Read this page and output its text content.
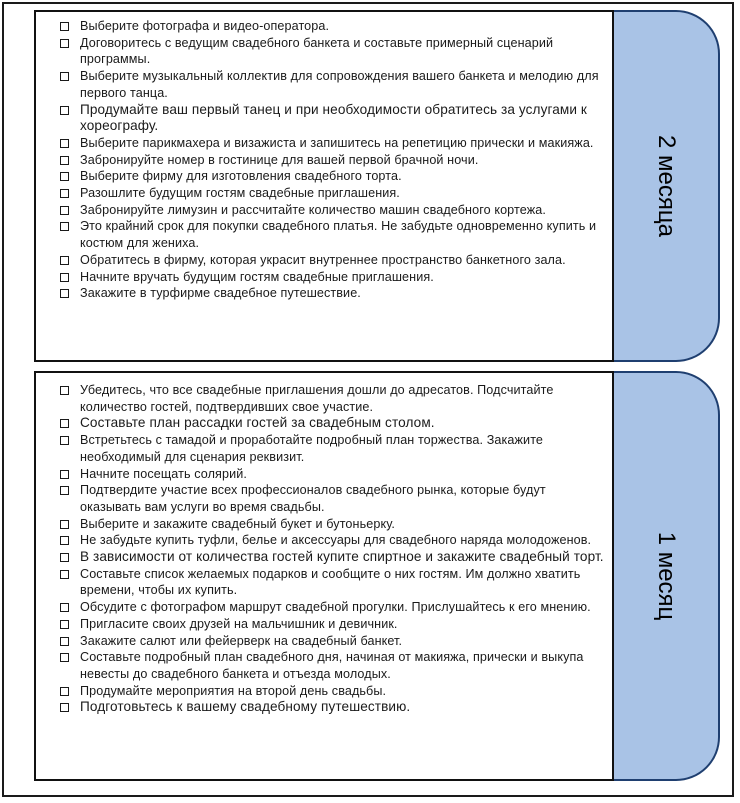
2 месяца
Выберите фотографа и видео-оператора.
Договоритесь с ведущим свадебного банкета и составьте примерный сценарий программы.
Выберите музыкальный коллектив для сопровождения вашего банкета и мелодию для первого танца.
Продумайте ваш первый танец и при необходимости обратитесь за услугами к хореографу.
Выберите парикмахера и визажиста и запишитесь на репетицию прически и макияжа.
Забронируйте номер в гостинице для вашей первой брачной ночи.
Выберите фирму для изготовления свадебного торта.
Разошлите будущим гостям свадебные приглашения.
Забронируйте лимузин и рассчитайте количество машин свадебного кортежа.
Это крайний срок для покупки свадебного платья. Не забудьте одновременно купить и костюм для жениха.
Обратитесь в фирму, которая украсит внутреннее пространство банкетного зала.
Начните вручать будущим гостям свадебные приглашения.
Закажите в турфирме свадебное путешествие.
1 месяц
Убедитесь, что все свадебные приглашения дошли до адресатов. Подсчитайте количество гостей, подтвердивших свое участие.
Составьте план рассадки гостей за свадебным столом.
Встретьтесь с тамадой и проработайте подробный план торжества. Закажите необходимый для сценария реквизит.
Начните посещать солярий.
Подтвердите участие всех профессионалов свадебного рынка, которые будут оказывать вам услуги во время свадьбы.
Выберите и закажите свадебный букет и бутоньерку.
Не забудьте купить туфли, белье и аксессуары для свадебного наряда молодоженов.
В зависимости от количества гостей купите спиртное и закажите свадебный торт.
Составьте список желаемых подарков и сообщите о них гостям. Им должно хватить времени, чтобы их купить.
Обсудите с фотографом маршрут свадебной прогулки. Прислушайтесь к его мнению.
Пригласите своих друзей на мальчишник и девичник.
Закажите салют или фейерверк на свадебный банкет.
Составьте подробный план свадебного дня, начиная от макияжа, прически и выкупа невесты до свадебного банкета и отъезда молодых.
Продумайте мероприятия на второй день свадьбы.
Подготовьтесь к вашему свадебному путешествию.
